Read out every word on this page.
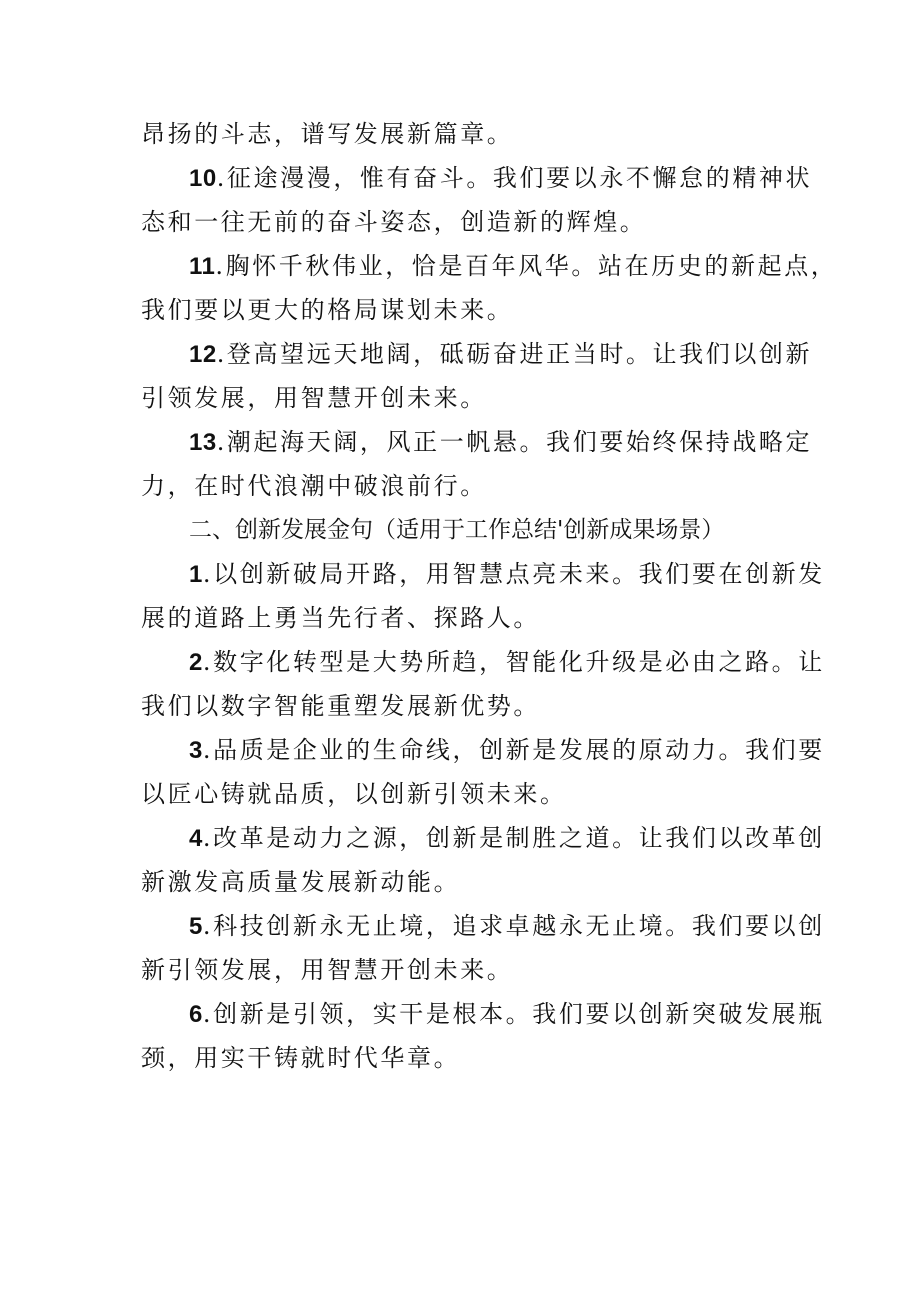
昂扬的斗志，谱写发展新篇章。
10.征途漫漫，惟有奋斗。我们要以永不懈怠的精神状
态和一往无前的奋斗姿态，创造新的辉煌。
11.胸怀千秋伟业，恰是百年风华。站在历史的新起点，
我们要以更大的格局谋划未来。
12.登高望远天地阔，砥砺奋进正当时。让我们以创新
引领发展，用智慧开创未来。
13.潮起海天阔，风正一帆悬。我们要始终保持战略定
力，在时代浪潮中破浪前行。
二、创新发展金句（适用于工作总结'创新成果场景）
1.以创新破局开路，用智慧点亮未来。我们要在创新发
展的道路上勇当先行者、探路人。
2.数字化转型是大势所趋，智能化升级是必由之路。让
我们以数字智能重塑发展新优势。
3.品质是企业的生命线，创新是发展的原动力。我们要
以匠心铸就品质，以创新引领未来。
4.改革是动力之源，创新是制胜之道。让我们以改革创
新激发高质量发展新动能。
5.科技创新永无止境，追求卓越永无止境。我们要以创
新引领发展，用智慧开创未来。
6.创新是引领，实干是根本。我们要以创新突破发展瓶
颈，用实干铸就时代华章。
